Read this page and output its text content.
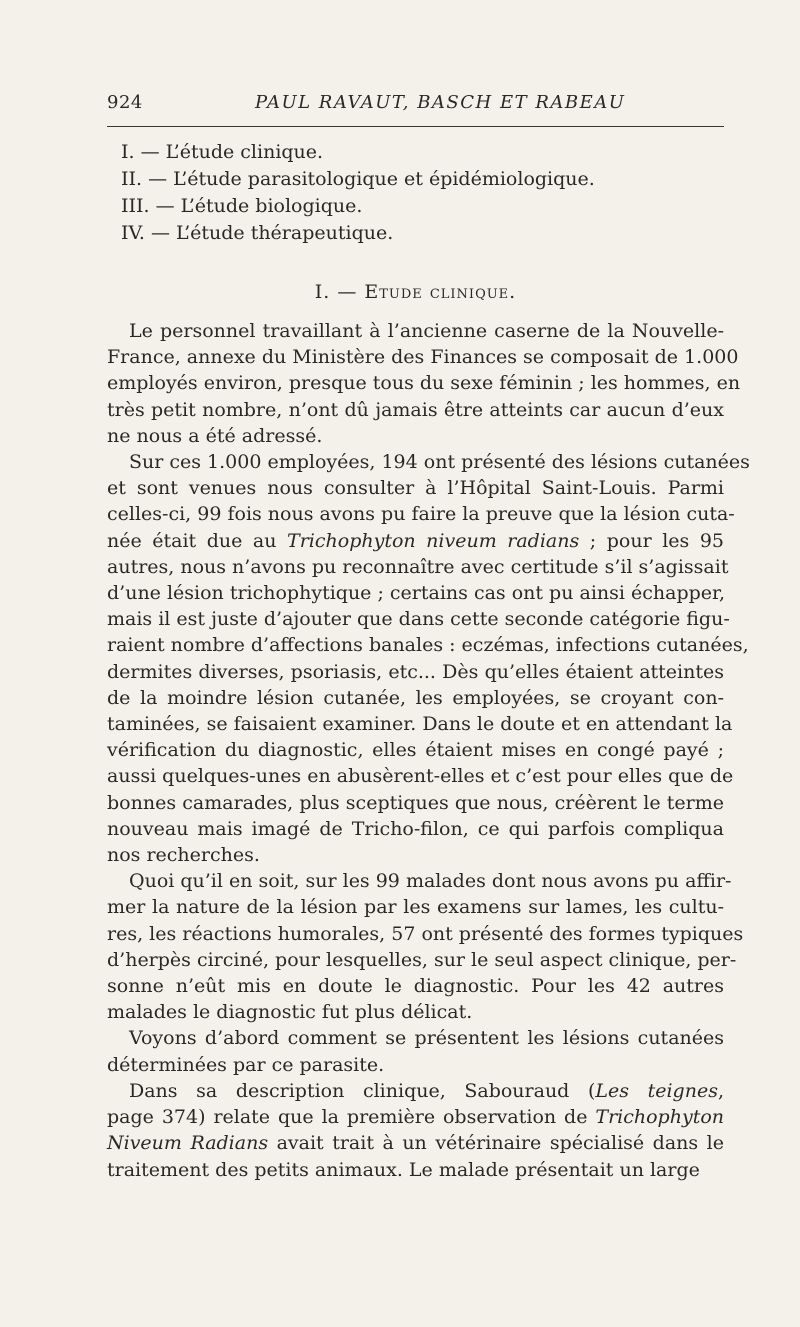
924	PAUL RAVAUT, BASCH ET RABEAU
I. — L’étude clinique.
II. — L’étude parasitologique et épidémiologique.
III. — L’étude biologique.
IV. — L’étude thérapeutique.
I. — Etude clinique.

Le personnel travaillant à l’ancienne caserne de la Nouvelle-
France, annexe du Ministère des Finances se composait de 1.000
employés environ, presque tous du sexe féminin ; les hommes, en
très petit nombre, n’ont dû jamais être atteints car aucun d’eux
ne nous a été adressé.

Sur ces 1.000 employées, 194 ont présenté des lésions cutanées
et sont venues nous consulter à l’Hôpital Saint-Louis. Parmi
celles-ci, 99 fois nous avons pu faire la preuve que la lésion cuta-
née était due au Trichophyton niveum radians ; pour les 95
autres, nous n’avons pu reconnaître avec certitude s’il s’agissait
d’une lésion trichophytique ; certains cas ont pu ainsi échapper,
mais il est juste d’ajouter que dans cette seconde catégorie figu-
raient nombre d’affections banales : eczémas, infections cutanées,
dermites diverses, psoriasis, etc... Dès qu’elles étaient atteintes
de la moindre lésion cutanée, les employées, se croyant con-
taminées, se faisaient examiner. Dans le doute et en attendant la
vérification du diagnostic, elles étaient mises en congé payé ;
aussi quelques-unes en abusèrent-elles et c’est pour elles que de
bonnes camarades, plus sceptiques que nous, créèrent le terme
nouveau mais imagé de Tricho-filon, ce qui parfois compliqua
nos recherches.

Quoi qu’il en soit, sur les 99 malades dont nous avons pu affir-
mer la nature de la lésion par les examens sur lames, les cultu-
res, les réactions humorales, 57 ont présenté des formes typiques
d’herpès circiné, pour lesquelles, sur le seul aspect clinique, per-
sonne n’eût mis en doute le diagnostic. Pour les 42 autres
malades le diagnostic fut plus délicat.

Voyons d’abord comment se présentent les lésions cutanées
déterminées par ce parasite.

Dans sa description clinique, Sabouraud (Les teignes,
page 374) relate que la première observation de Trichophyton
Niveum Radians avait trait à un vétérinaire spécialisé dans le
traitement des petits animaux. Le malade présentait un large
